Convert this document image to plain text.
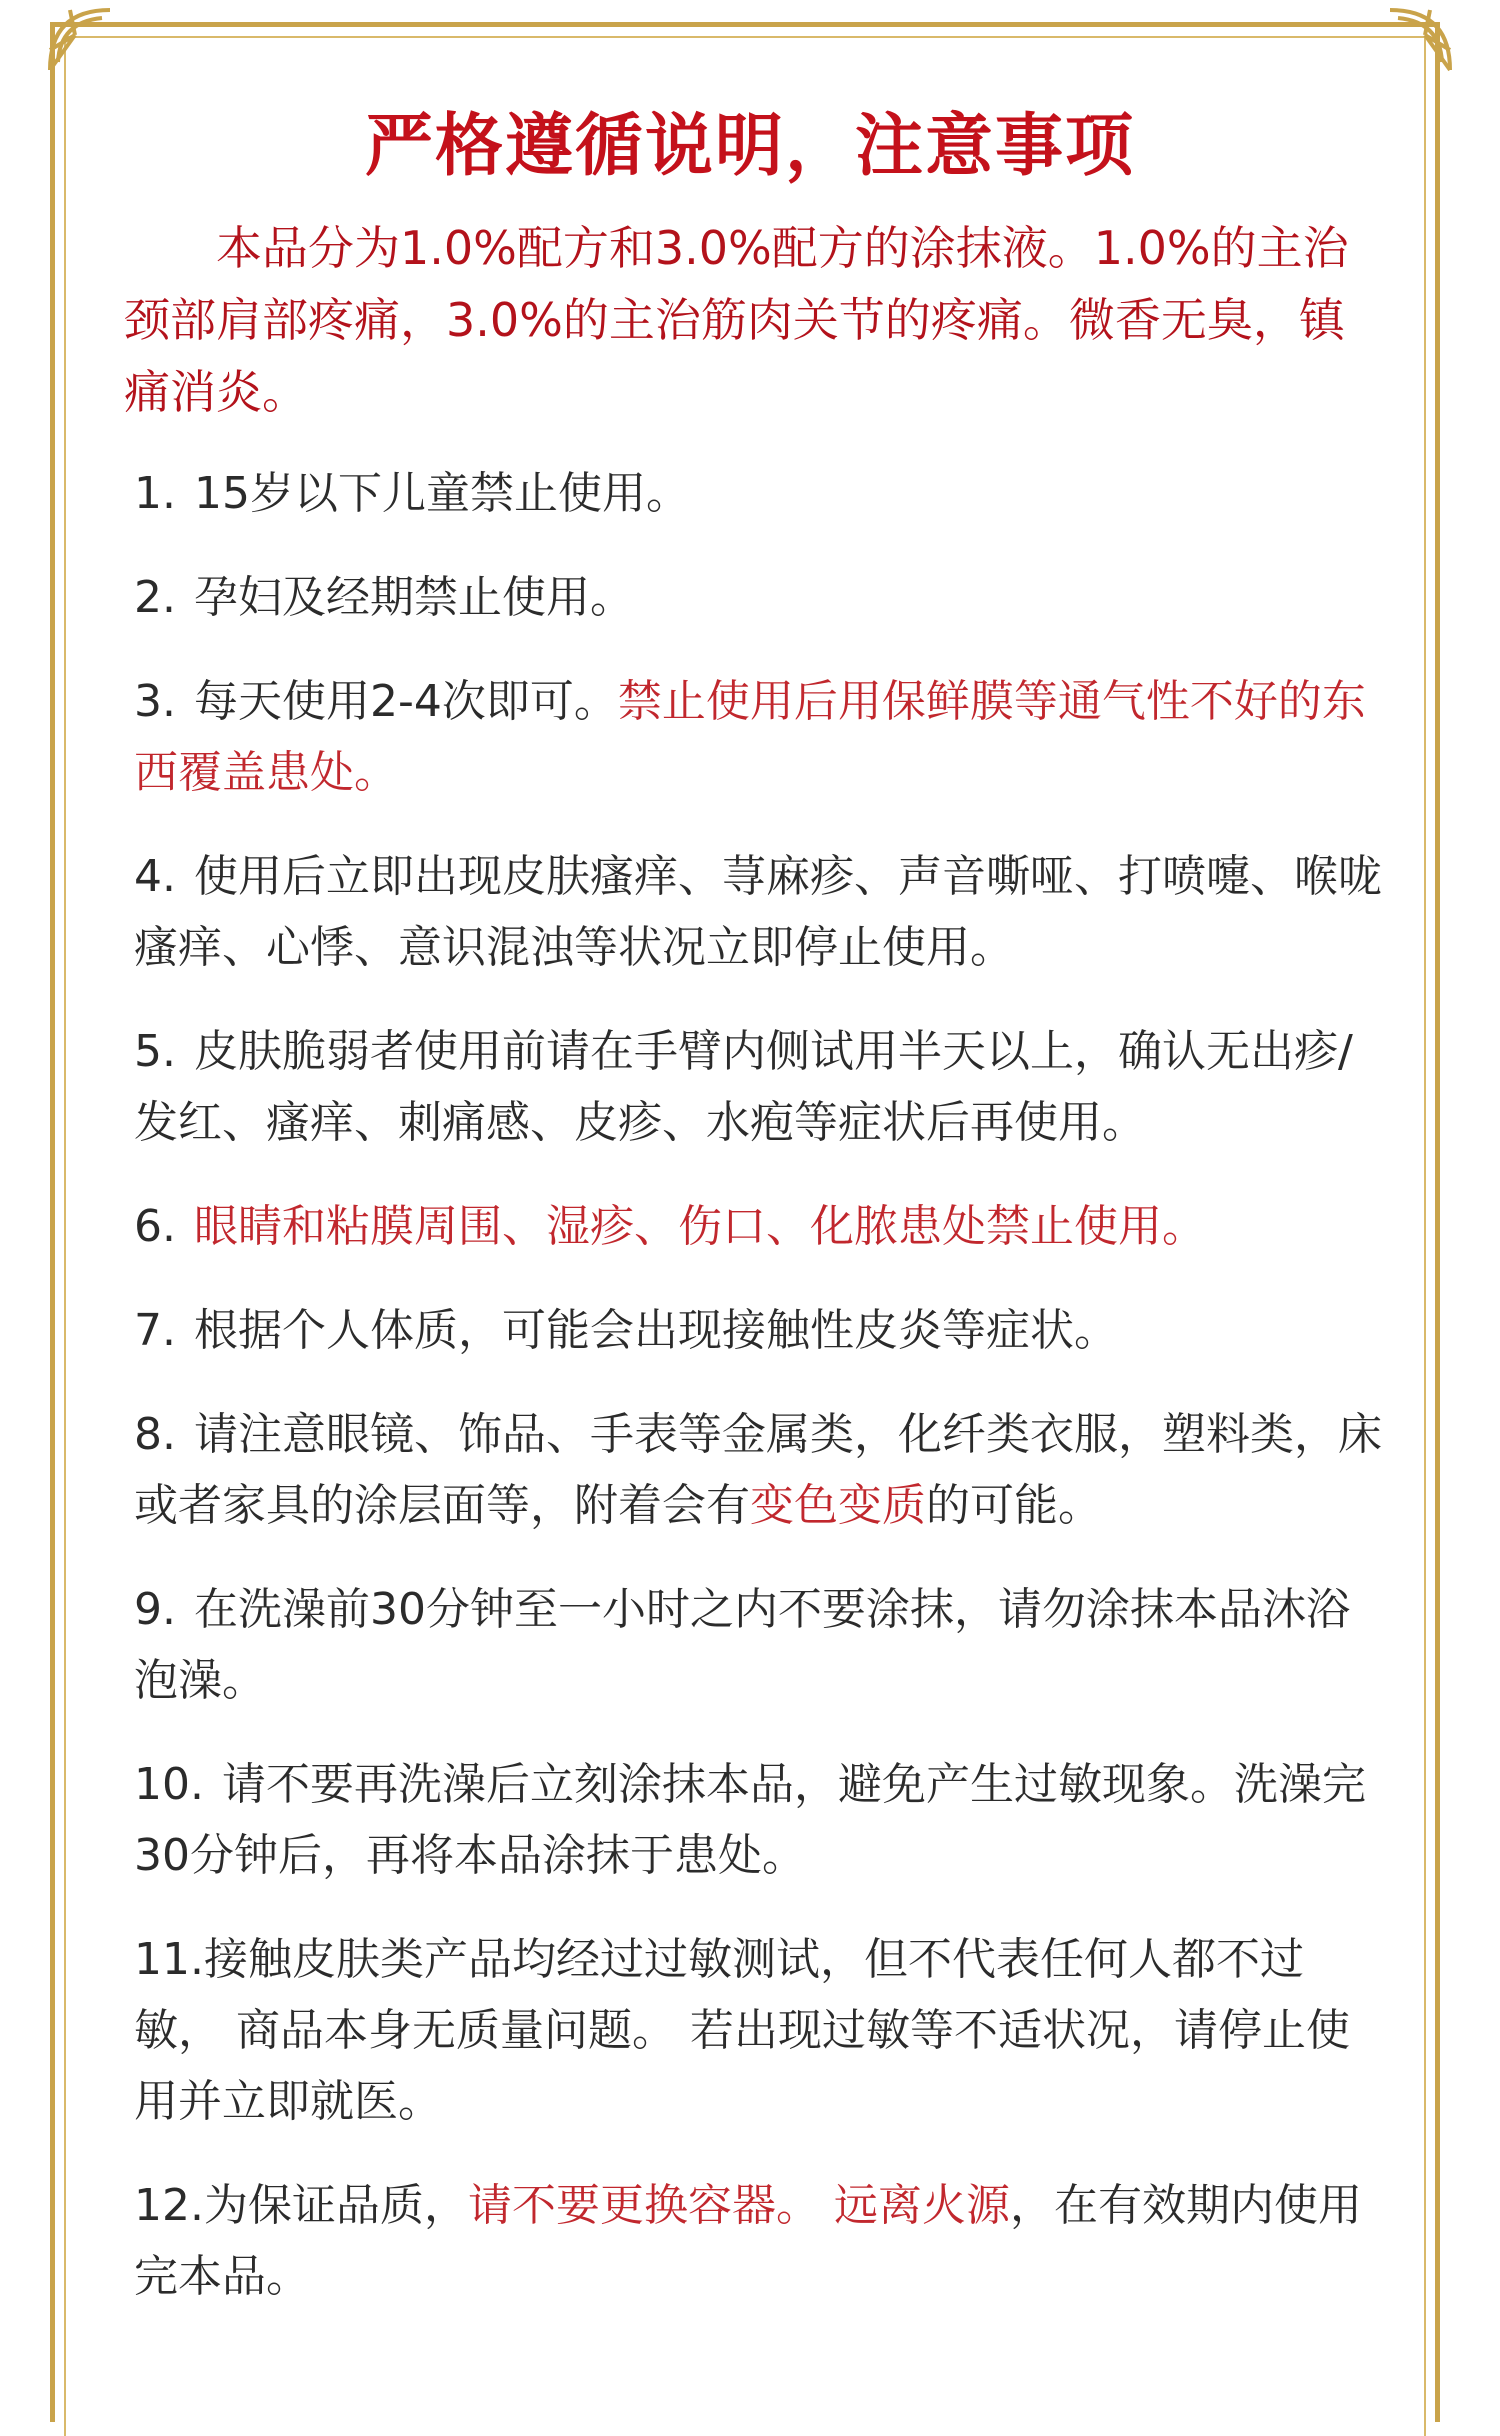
严格遵循说明，注意事项
本品分为1.0%配方和3.0%配方的涂抹液。1.0%的主治颈部肩部疼痛，3.0%的主治筋肉关节的疼痛。微香无臭，镇痛消炎。
1. 15岁以下儿童禁止使用。
2. 孕妇及经期禁止使用。
3. 每天使用2-4次即可。禁止使用后用保鲜膜等通气性不好的东西覆盖患处。
4. 使用后立即出现皮肤瘙痒、荨麻疹、声音嘶哑、打喷嚏、喉咙瘙痒、心悸、意识混浊等状况立即停止使用。
5. 皮肤脆弱者使用前请在手臂内侧试用半天以上，确认无出疹/发红、瘙痒、刺痛感、皮疹、水疱等症状后再使用。
6. 眼睛和粘膜周围、湿疹、伤口、化脓患处禁止使用。
7. 根据个人体质，可能会出现接触性皮炎等症状。
8. 请注意眼镜、饰品、手表等金属类，化纤类衣服，塑料类，床或者家具的涂层面等，附着会有变色变质的可能。
9. 在洗澡前30分钟至一小时之内不要涂抹，请勿涂抹本品沐浴泡澡。
10. 请不要再洗澡后立刻涂抹本品，避免产生过敏现象。洗澡完30分钟后，再将本品涂抹于患处。
11.接触皮肤类产品均经过过敏测试，但不代表任何人都不过敏， 商品本身无质量问题。 若出现过敏等不适状况，请停止使用并立即就医。
12.为保证品质，请不要更换容器。 远离火源，在有效期内使用完本品。
